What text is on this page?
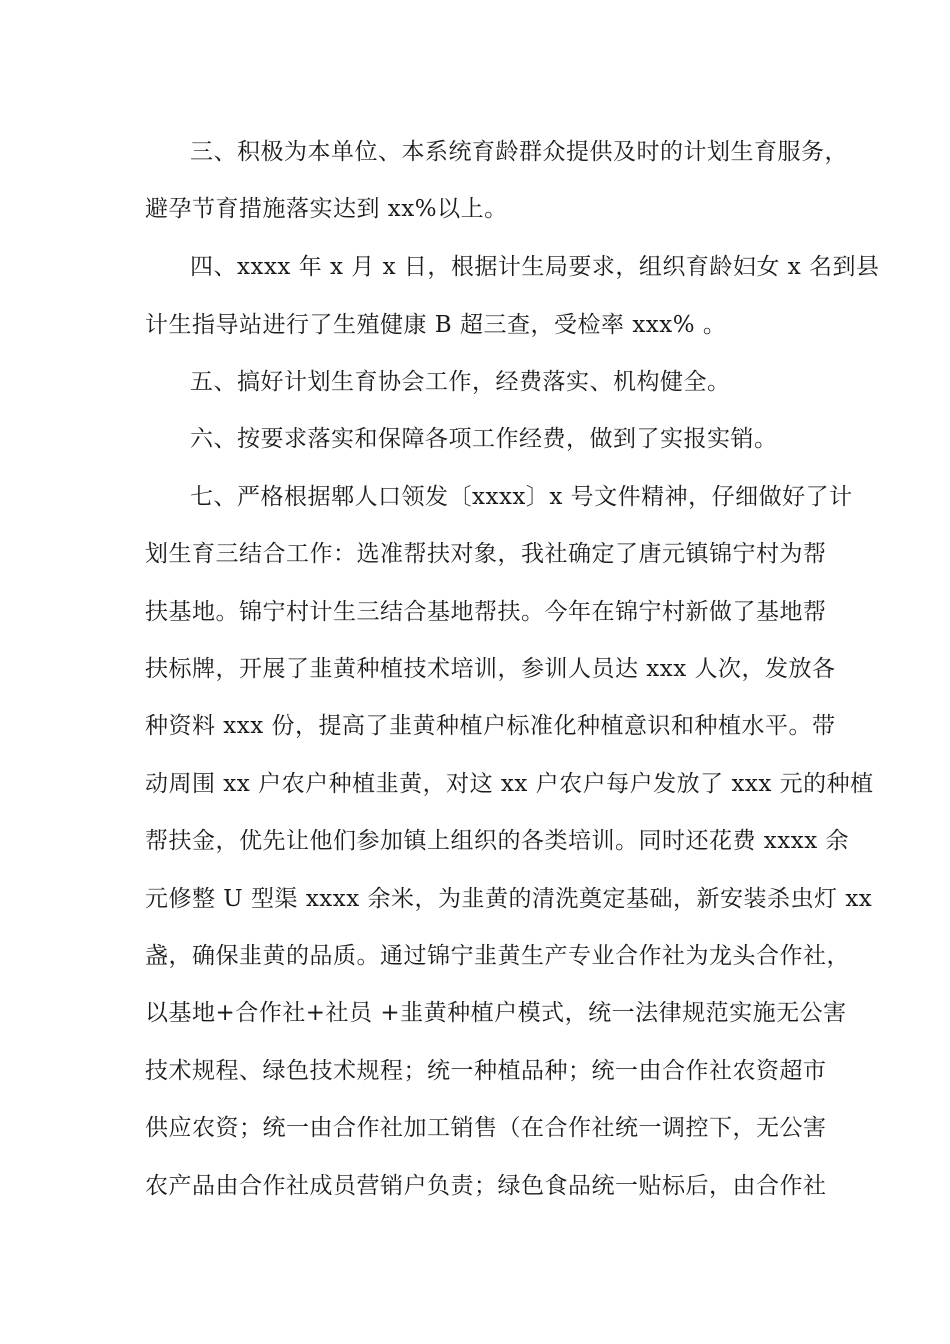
三、积极为本单位、本系统育龄群众提供及时的计划生育服务，
避孕节育措施落实达到 xx%以上。
四、xxxx 年 x 月 x 日，根据计生局要求，组织育龄妇女 x 名到县
计生指导站进行了生殖健康 B 超三查，受检率 xxx% 。
五、搞好计划生育协会工作，经费落实、机构健全。
六、按要求落实和保障各项工作经费，做到了实报实销。
七、严格根据郫人口领发〔xxxx〕x 号文件精神，仔细做好了计
划生育三结合工作：选准帮扶对象，我社确定了唐元镇锦宁村为帮
扶基地。锦宁村计生三结合基地帮扶。今年在锦宁村新做了基地帮
扶标牌，开展了韭黄种植技术培训，参训人员达 xxx 人次，发放各
种资料 xxx 份，提高了韭黄种植户标准化种植意识和种植水平。带
动周围 xx 户农户种植韭黄，对这 xx 户农户每户发放了 xxx 元的种植
帮扶金，优先让他们参加镇上组织的各类培训。同时还花费 xxxx 余
元修整 U 型渠 xxxx 余米，为韭黄的清洗奠定基础，新安装杀虫灯 xx
盏，确保韭黄的品质。通过锦宁韭黄生产专业合作社为龙头合作社，
以基地+合作社+社员 +韭黄种植户模式，统一法律规范实施无公害
技术规程、绿色技术规程；统一种植品种；统一由合作社农资超市
供应农资；统一由合作社加工销售（在合作社统一调控下，无公害
农产品由合作社成员营销户负责；绿色食品统一贴标后，由合作社
